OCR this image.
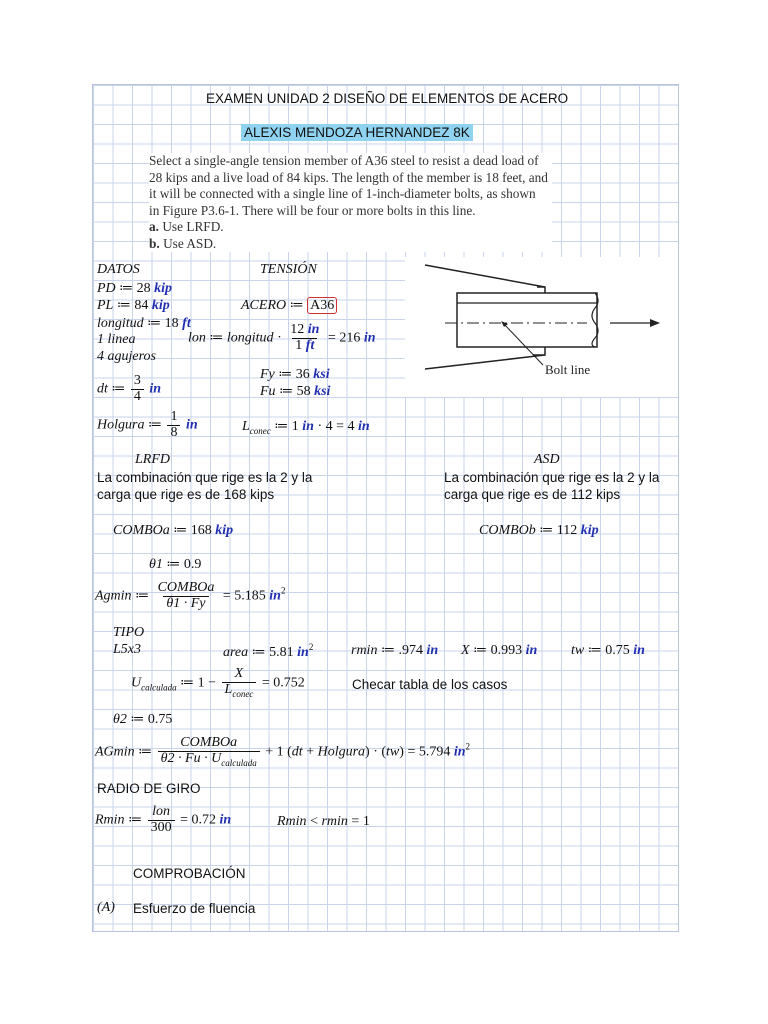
EXAMEN UNIDAD 2 DISEÑO DE ELEMENTOS DE ACERO
ALEXIS MENDOZA HERNANDEZ 8K
Select a single-angle tension member of A36 steel to resist a dead load of
28 kips and a live load of 84 kips. The length of the member is 18 feet, and
it will be connected with a single line of 1-inch-diameter bolts, as shown
in Figure P3.6-1. There will be four or more bolts in this line.
a. Use LRFD.
b. Use ASD.
DATOS
PD ≔ 28 kip
PL ≔ 84 kip
longitud ≔ 18 ft
1 linea
4 agujeros
dt ≔ $\frac{3}{4}$ in
Holgura ≔ $\frac{1}{8}$ in
TENSIÓN
ACERO ≔ A36
lon ≔ longitud · $\frac{12 in}{1 ft} = 216$ in
Fy ≔ 36 ksi
Fu ≔ 58 ksi
$L_{conec}$ ≔ 1 in · 4 = 4 in
Bolt line
LRFD
La combinación que rige es la 2 y la
carga que rige es de 168 kips
ASD
La combinación que rige es la 2 y la
carga que rige es de 112 kips
COMBOa ≔ 168 kip	COMBOb ≔ 112 kip
θ1 ≔ 0.9
Agmin ≔ $\frac{\text{COMBOa}}{\theta 1 \cdot Fy} = 5.185$ $in^2$
TIPO
L5x3	area ≔ 5.81 $in^2$	rmin ≔ .974 in X ≔ 0.993 in tw ≔ 0.75 in
$U_{calculada}$ ≔ $1 - \frac{X}{L_{conec}} = 0.752$	Checar tabla de los casos
θ2 ≔ 0.75
AGmin ≔ $\frac{\text{COMBOa}}{\theta 2 \cdot Fu \cdot U_{calculada}} + 1$ (dt + Holgura) · (tw) = 5.794 $in^2$
RADIO DE GIRO
Rmin ≔ $\frac{\text{lon}}{300} = 0.72$ in	Rmin < rmin = 1
COMPROBACIÓN
(A) Esfuerzo de fluencia
